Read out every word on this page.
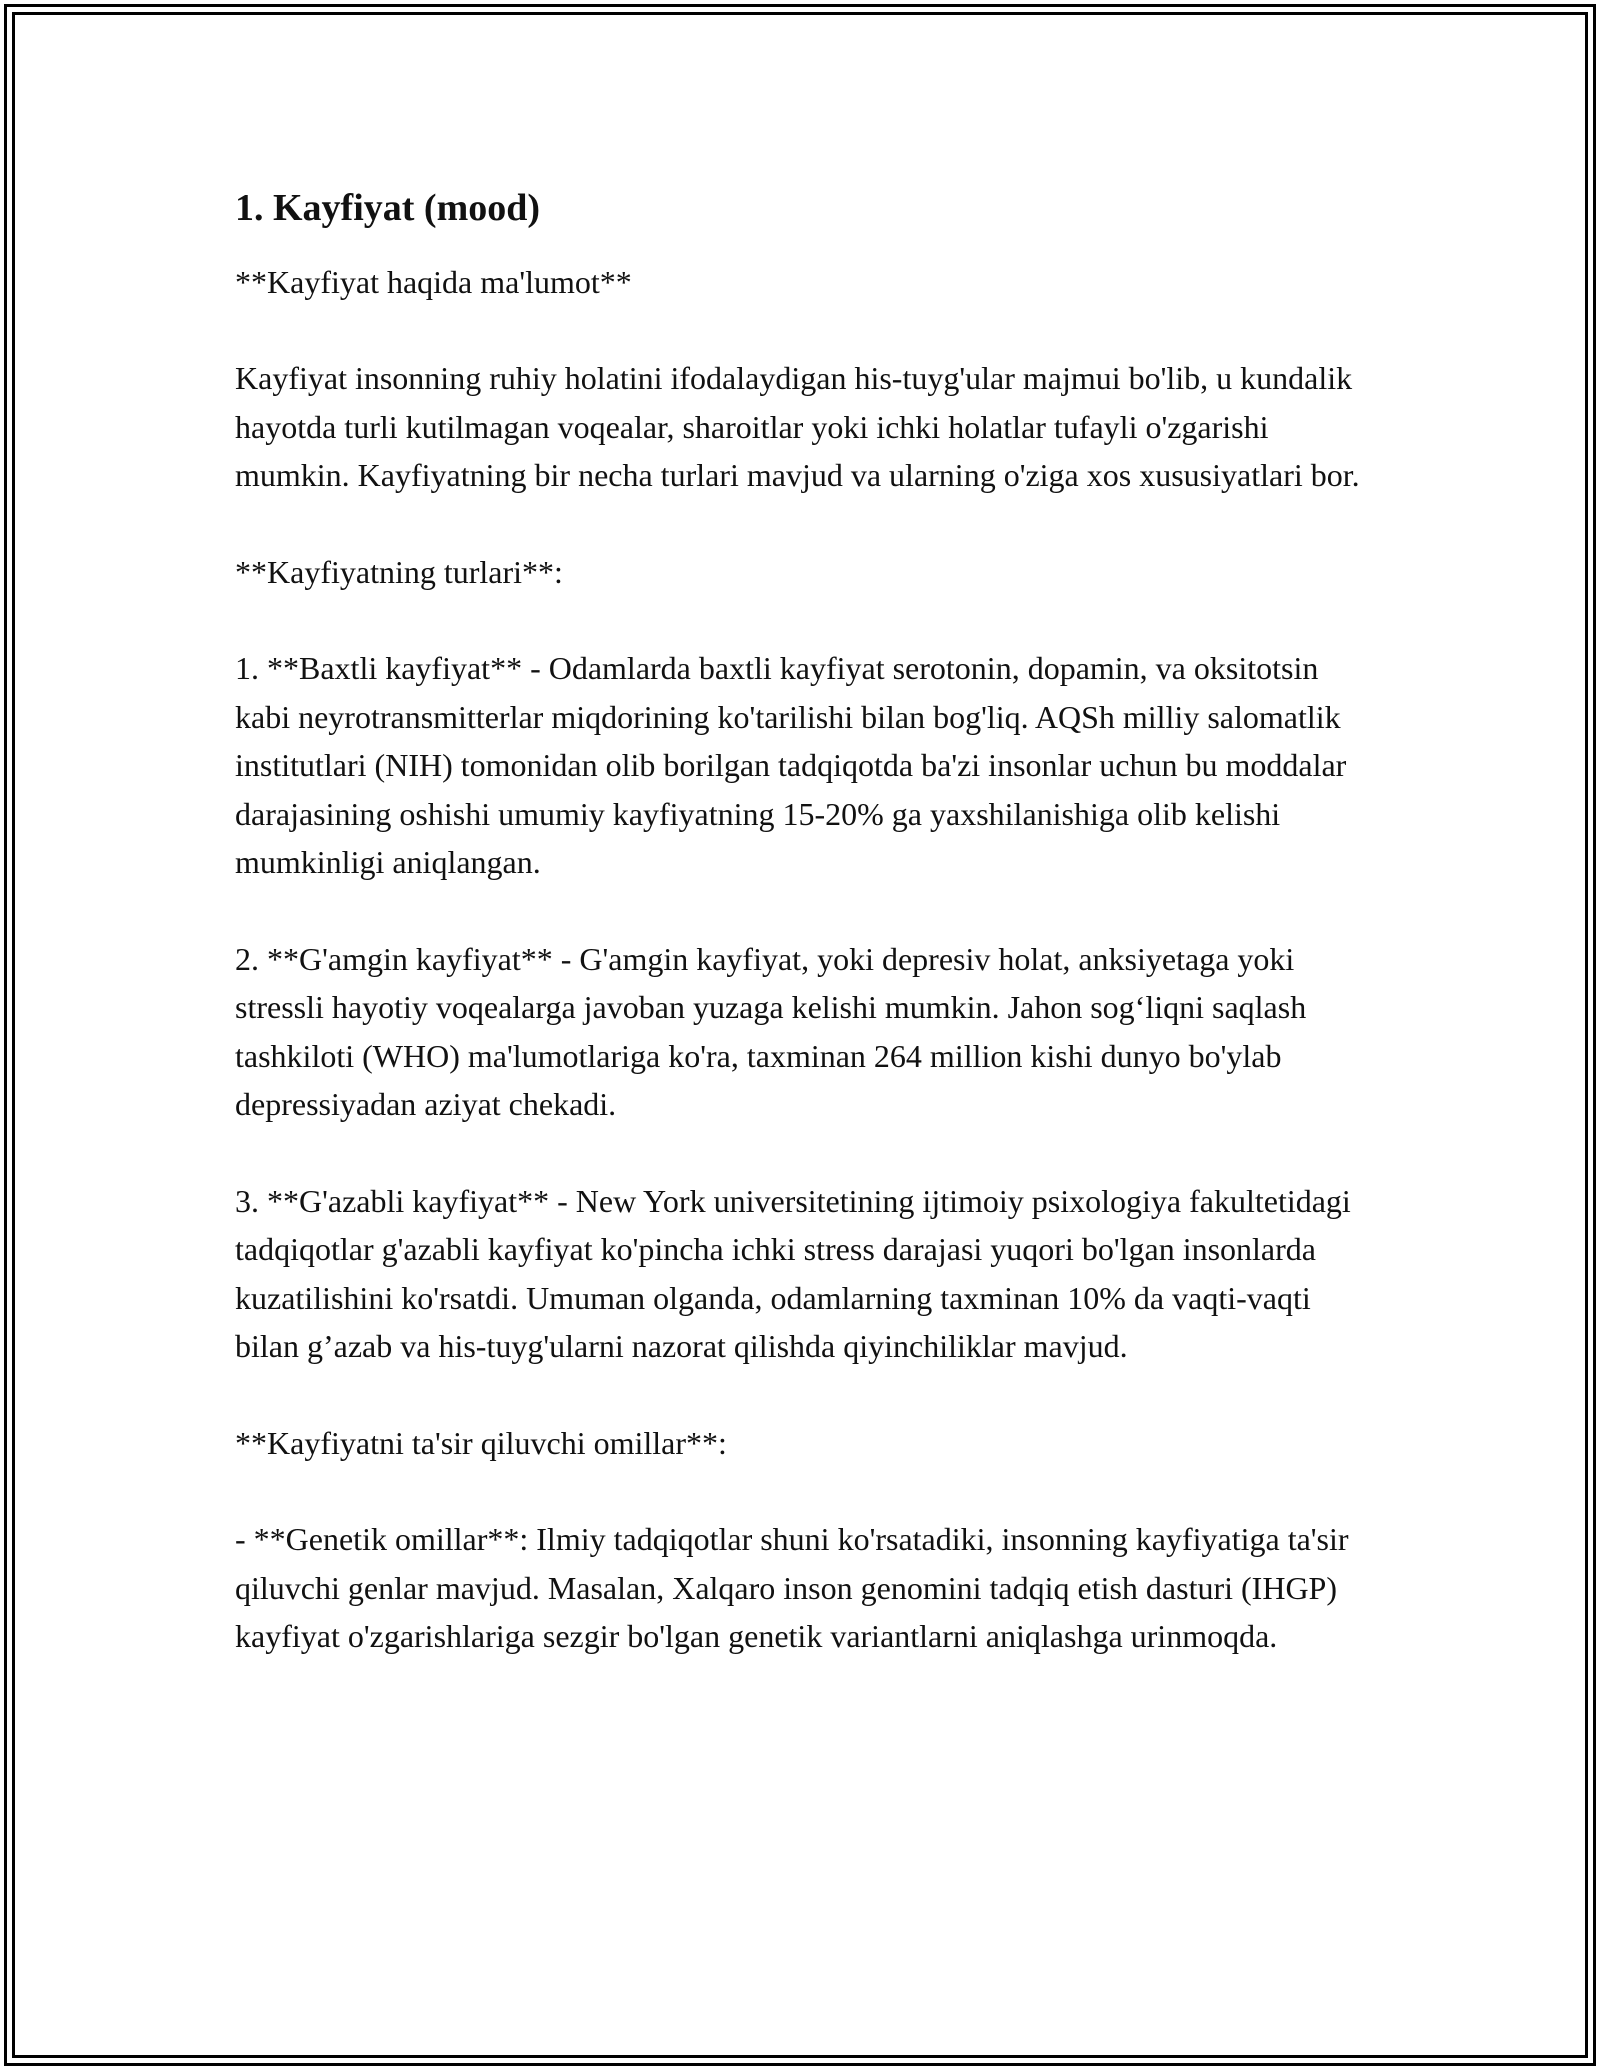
1. Kayfiyat (mood)

**Kayfiyat haqida ma'lumot**

Kayfiyat insonning ruhiy holatini ifodalaydigan his-tuyg'ular majmui bo'lib, u kundalik hayotda turli kutilmagan voqealar, sharoitlar yoki ichki holatlar tufayli o'zgarishi mumkin. Kayfiyatning bir necha turlari mavjud va ularning o'ziga xos xususiyatlari bor.

**Kayfiyatning turlari**:

1. **Baxtli kayfiyat** - Odamlarda baxtli kayfiyat serotonin, dopamin, va oksitotsin kabi neyrotransmitterlar miqdorining ko'tarilishi bilan bog'liq. AQSh milliy salomatlik institutlari (NIH) tomonidan olib borilgan tadqiqotda ba'zi insonlar uchun bu moddalar darajasining oshishi umumiy kayfiyatning 15-20% ga yaxshilanishiga olib kelishi mumkinligi aniqlangan.

2. **G'amgin kayfiyat** - G'amgin kayfiyat, yoki depresiv holat, anksiyetaga yoki stressli hayotiy voqealarga javoban yuzaga kelishi mumkin. Jahon sog‘liqni saqlash tashkiloti (WHO) ma'lumotlariga ko'ra, taxminan 264 million kishi dunyo bo'ylab depressiyadan aziyat chekadi.

3. **G'azabli kayfiyat** - New York universitetining ijtimoiy psixologiya fakultetidagi tadqiqotlar g'azabli kayfiyat ko'pincha ichki stress darajasi yuqori bo'lgan insonlarda kuzatilishini ko'rsatdi. Umuman olganda, odamlarning taxminan 10% da vaqti-vaqti bilan g’azab va his-tuyg'ularni nazorat qilishda qiyinchiliklar mavjud.

**Kayfiyatni ta'sir qiluvchi omillar**:

- **Genetik omillar**: Ilmiy tadqiqotlar shuni ko'rsatadiki, insonning kayfiyatiga ta'sir qiluvchi genlar mavjud. Masalan, Xalqaro inson genomini tadqiq etish dasturi (IHGP) kayfiyat o'zgarishlariga sezgir bo'lgan genetik variantlarni aniqlashga urinmoqda.
